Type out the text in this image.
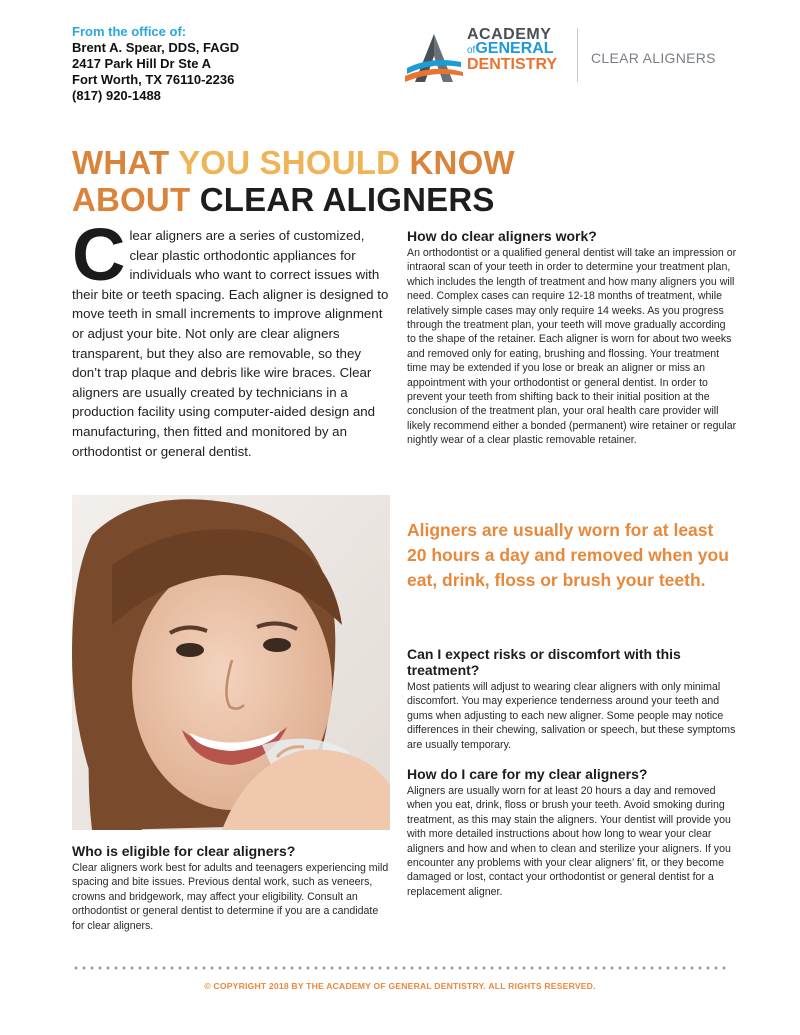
From the office of:
Brent A. Spear, DDS, FAGD
2417 Park Hill Dr Ste A
Fort Worth, TX 76110-2236
(817) 920-1488
ACADEMY
ofGENERAL
DENTISTRY CLEAR ALIGNERS
WHAT YOU SHOULD KNOW
ABOUT CLEAR ALIGNERS
Clear aligners are a series of customized, clear plastic orthodontic appliances for individuals who want to correct issues with their bite or teeth spacing. Each aligner is designed to move teeth in small increments to improve alignment or adjust your bite. Not only are clear aligners transparent, but they also are removable, so they don’t trap plaque and debris like wire braces. Clear aligners are usually created by technicians in a production facility using computer-aided design and manufacturing, then fitted and monitored by an orthodontist or general dentist.
How do clear aligners work?
An orthodontist or a qualified general dentist will take an impression or intraoral scan of your teeth in order to determine your treatment plan, which includes the length of treatment and how many aligners you will need. Complex cases can require 12-18 months of treatment, while relatively simple cases may only require 14 weeks. As you progress through the treatment plan, your teeth will move gradually according to the shape of the retainer. Each aligner is worn for about two weeks and removed only for eating, brushing and flossing. Your treatment time may be extended if you lose or break an aligner or miss an appointment with your orthodontist or general dentist. In order to prevent your teeth from shifting back to their initial position at the conclusion of the treatment plan, your oral health care provider will likely recommend either a bonded (permanent) wire retainer or regular nightly wear of a clear plastic removable retainer.
Aligners are usually worn for at least 20 hours a day and removed when you eat, drink, floss or brush your teeth.
Can I expect risks or discomfort with this treatment?
Most patients will adjust to wearing clear aligners with only minimal discomfort. You may experience tenderness around your teeth and gums when adjusting to each new aligner. Some people may notice differences in their chewing, salivation or speech, but these symptoms are usually temporary.
How do I care for my clear aligners?
Aligners are usually worn for at least 20 hours a day and removed when you eat, drink, floss or brush your teeth. Avoid smoking during treatment, as this may stain the aligners. Your dentist will provide you with more detailed instructions about how long to wear your clear aligners and how and when to clean and sterilize your aligners. If you encounter any problems with your clear aligners’ fit, or they become damaged or lost, contact your orthodontist or general dentist for a replacement aligner.
Who is eligible for clear aligners?
Clear aligners work best for adults and teenagers experiencing mild spacing and bite issues. Previous dental work, such as veneers, crowns and bridgework, may affect your eligibility. Consult an orthodontist or general dentist to determine if you are a candidate for clear aligners.
© COPYRIGHT 2018 BY THE ACADEMY OF GENERAL DENTISTRY. ALL RIGHTS RESERVED.
